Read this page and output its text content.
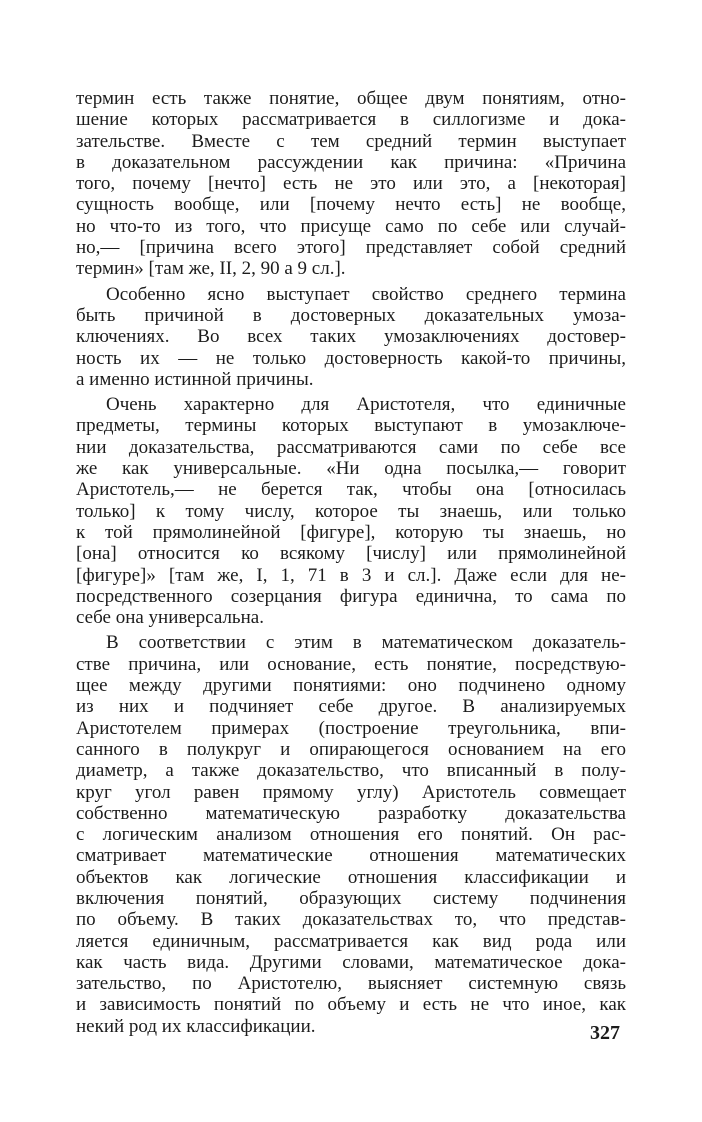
термин есть также понятие, общее двум понятиям, отно-
шение которых рассматривается в силлогизме и дока-
зательстве. Вместе с тем средний термин выступает
в доказательном рассуждении как причина: «Причина
того, почему [нечто] есть не это или это, а [некоторая]
сущность вообще, или [почему нечто есть] не вообще,
но что-то из того, что присуще само по себе или случай-
но,— [причина всего этого] представляет собой средний
термин» [там же, II, 2, 90 а 9 сл.].
Особенно ясно выступает свойство среднего термина
быть причиной в достоверных доказательных умоза-
ключениях. Во всех таких умозаключениях достовер-
ность их — не только достоверность какой-то причины,
а именно истинной причины.
Очень характерно для Аристотеля, что единичные
предметы, термины которых выступают в умозаключе-
нии доказательства, рассматриваются сами по себе все
же как универсальные. «Ни одна посылка,— говорит
Аристотель,— не берется так, чтобы она [относилась
только] к тому числу, которое ты знаешь, или только
к той прямолинейной [фигуре], которую ты знаешь, но
[она] относится ко всякому [числу] или прямолинейной
[фигуре]» [там же, I, 1, 71 в 3 и сл.]. Даже если для не-
посредственного созерцания фигура единична, то сама по
себе она универсальна.
В соответствии с этим в математическом доказатель-
стве причина, или основание, есть понятие, посредствую-
щее между другими понятиями: оно подчинено одному
из них и подчиняет себе другое. В анализируемых
Аристотелем примерах (построение треугольника, впи-
санного в полукруг и опирающегося основанием на его
диаметр, а также доказательство, что вписанный в полу-
круг угол равен прямому углу) Аристотель совмещает
собственно математическую разработку доказательства
с логическим анализом отношения его понятий. Он рас-
сматривает математические отношения математических
объектов как логические отношения классификации и
включения понятий, образующих систему подчинения
по объему. В таких доказательствах то, что представ-
ляется единичным, рассматривается как вид рода или
как часть вида. Другими словами, математическое дока-
зательство, по Аристотелю, выясняет системную связь
и зависимость понятий по объему и есть не что иное, как
некий род их классификации.	327
